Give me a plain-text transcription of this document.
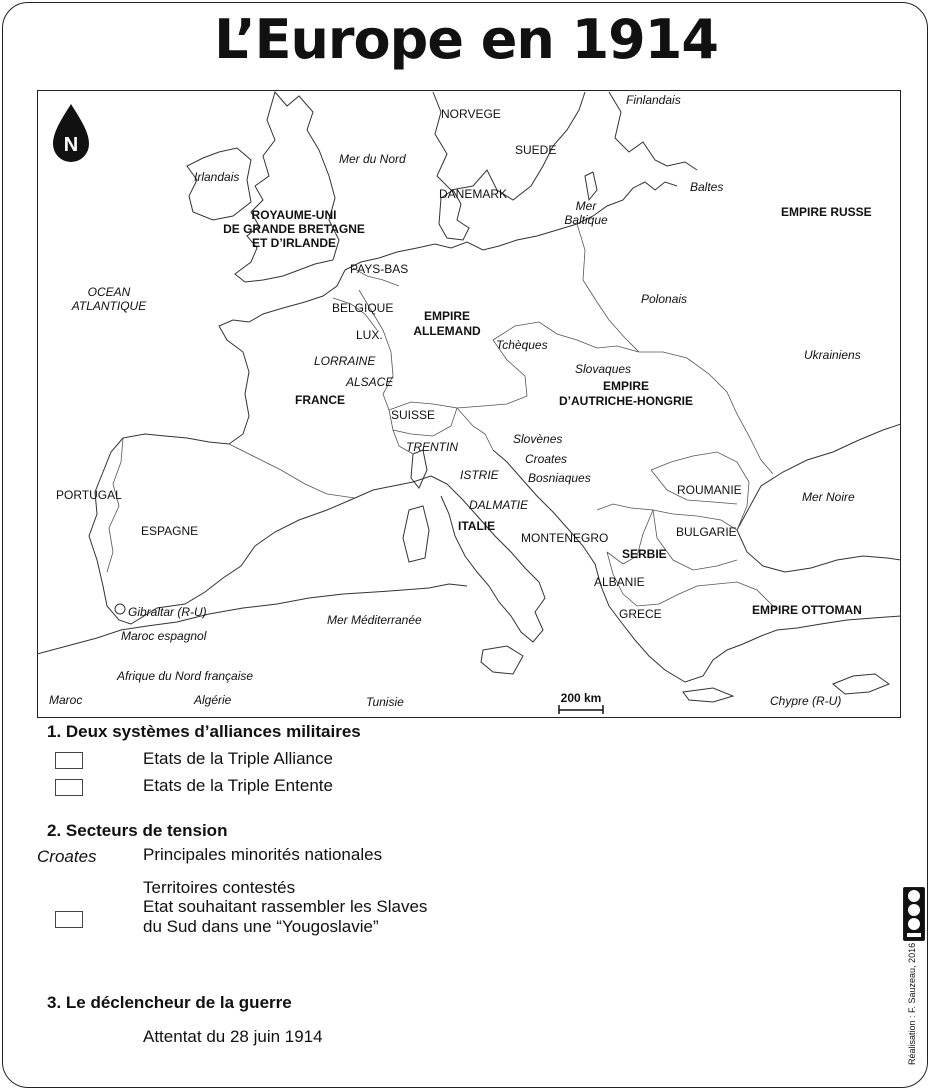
L’Europe en 1914
N
200 km
NORVEGE
SUEDE
DANEMARK
PAYS-BAS
BELGIQUE
LUX.
SUISSE
PORTUGAL
ESPAGNE
ROUMANIE
BULGARIE
MONTENEGRO
ALBANIE
GRECE
ROYAUME-UNI
DE GRANDE BRETAGNE
ET D’IRLANDE
EMPIRE
ALLEMAND
FRANCE
ITALIE
EMPIRE RUSSE
EMPIRE
D’AUTRICHE-HONGRIE
SERBIE
EMPIRE OTTOMAN
Finlandais
Irlandais
Mer du Nord
Mer
Baltique
Baltes
OCEAN
ATLANTIQUE	Polonais
Tchèques
LORRAINE
ALSACE
Slovaques
Ukrainiens
TRENTIN
Slovènes
Croates
ISTRIE Bosniaques
DALMATIE
Mer Noire
Gibraltar (R-U)
Maroc espagnol
Mer Méditerranée
Afrique du Nord française
Maroc	Algérie	Tunisie	Chypre (R-U)
1. Deux systèmes d’alliances militaires
Etats de la Triple Alliance
Etats de la Triple Entente
2. Secteurs de tension
Croates	Principales minorités nationales
Territoires contestés
Etat souhaitant rassembler les Slaves
du Sud dans une “Yougoslavie”
3. Le déclencheur de la guerre
Attentat du 28 juin 1914	Réalisation : F. Sauzeau, 2016
